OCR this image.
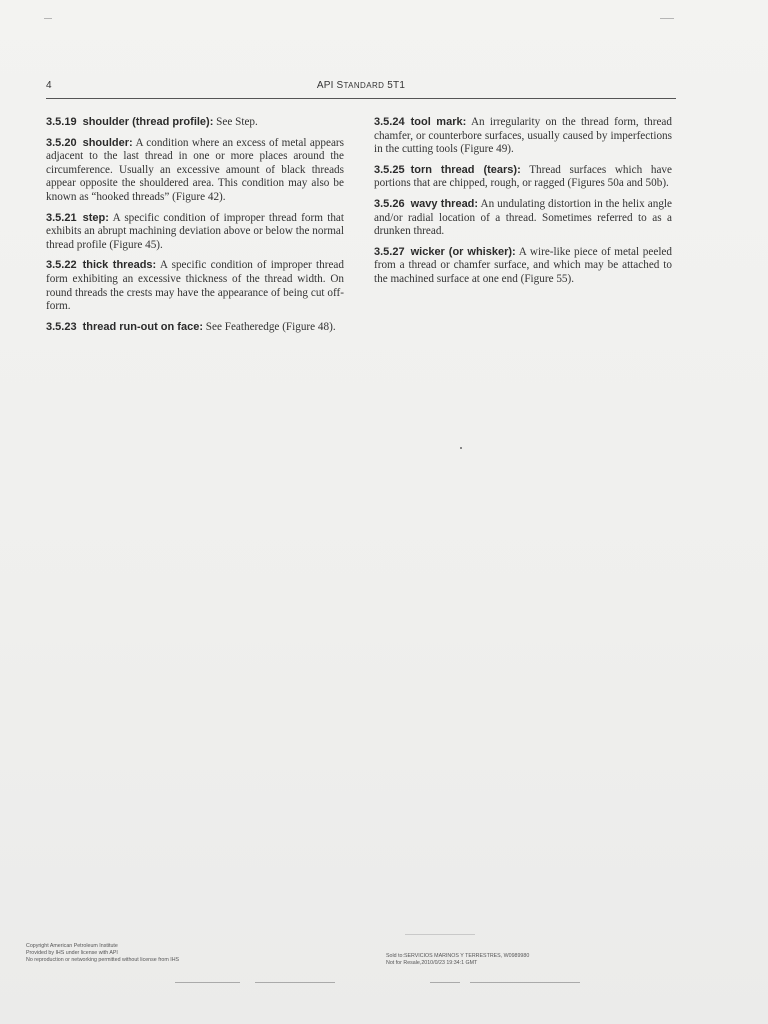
4	API STANDARD 5T1

3.5.19 shoulder (thread profile): See Step.

3.5.20 shoulder: A condition where an excess of metal appears adjacent to the last thread in one or more places around the circumference. Usually an excessive amount of black threads appear opposite the shouldered area. This condition may also be known as “hooked threads” (Figure 42).

3.5.21 step: A specific condition of improper thread form that exhibits an abrupt machining deviation above or below the normal thread profile (Figure 45).

3.5.22 thick threads: A specific condition of improper thread form exhibiting an excessive thickness of the thread width. On round threads the crests may have the appearance of being cut off-form.

3.5.23 thread run-out on face: See Featheredge (Figure 48).

3.5.24 tool mark: An irregularity on the thread form, thread chamfer, or counterbore surfaces, usually caused by imperfections in the cutting tools (Figure 49).

3.5.25 torn thread (tears): Thread surfaces which have portions that are chipped, rough, or ragged (Figures 50a and 50b).

3.5.26 wavy thread: An undulating distortion in the helix angle and/or radial location of a thread. Sometimes referred to as a drunken thread.

3.5.27 wicker (or whisker): A wire-like piece of metal peeled from a thread or chamfer surface, and which may be attached to the machined surface at one end (Figure 55).

Copyright American Petroleum Institute
Provided by IHS under license with API
No reproduction or networking permitted without license from IHS
Sold to:SERVICIOS MARINOS Y TERRESTRES, W0989980
Not for Resale,2010/0/23 19:34:1 GMT
